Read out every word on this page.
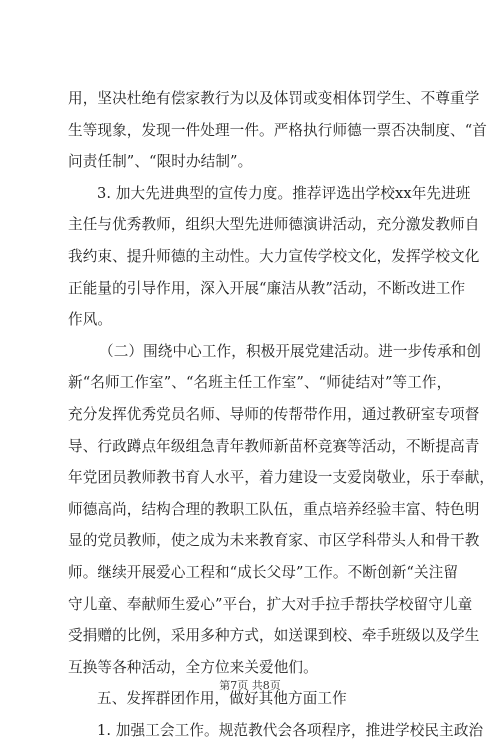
用，坚决杜绝有偿家教行为以及体罚或变相体罚学生、不尊重学
生等现象，发现一件处理一件。严格执行师德一票否决制度、“首
问责任制”、“限时办结制”。
3. 加大先进典型的宣传力度。推荐评选出学校xx年先进班
主任与优秀教师，组织大型先进师德演讲活动，充分激发教师自
我约束、提升师德的主动性。大力宣传学校文化，发挥学校文化
正能量的引导作用，深入开展“廉洁从教”活动，不断改进工作
作风。
（二）围绕中心工作，积极开展党建活动。进一步传承和创
新“名师工作室”、“名班主任工作室”、“师徒结对”等工作，
充分发挥优秀党员名师、导师的传帮带作用，通过教研室专项督
导、行政蹲点年级组急青年教师新苗杯竞赛等活动，不断提高青
年党团员教师教书育人水平，着力建设一支爱岗敬业，乐于奉献，
师德高尚，结构合理的教职工队伍，重点培养经验丰富、特色明
显的党员教师，使之成为未来教育家、市区学科带头人和骨干教
师。继续开展爱心工程和“成长父母”工作。不断创新“关注留
守儿童、奉献师生爱心”平台，扩大对手拉手帮扶学校留守儿童
受捐赠的比例，采用多种方式，如送课到校、牵手班级以及学生
互换等各种活动，全方位来关爱他们。
五、发挥群团作用，做好其他方面工作
1. 加强工会工作。规范教代会各项程序，推进学校民主政治
第7页 共8页
